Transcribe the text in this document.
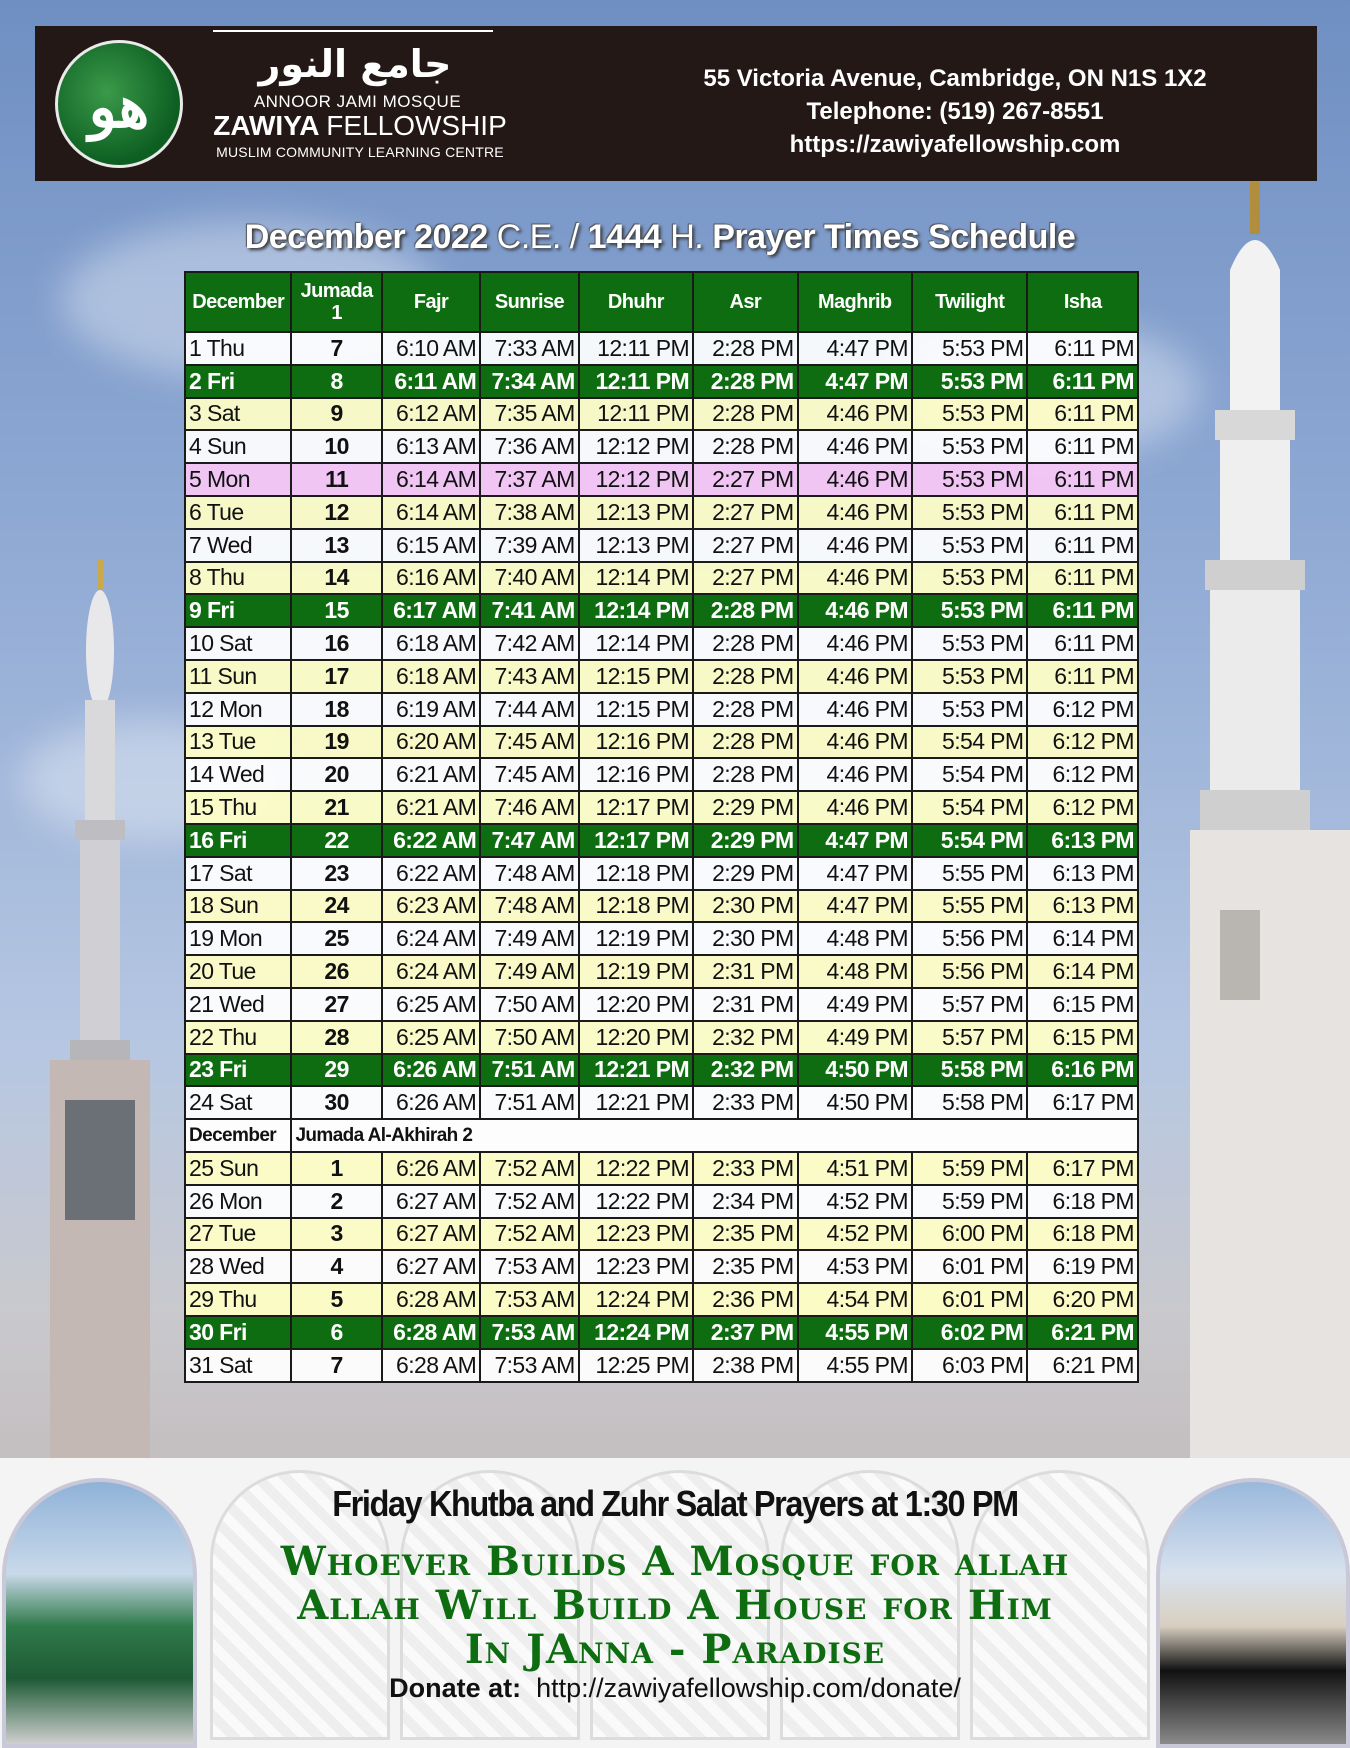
هو
جامع النور
ANNOOR JAMI MOSQUE
ZAWIYA FELLOWSHIP
MUSLIM COMMUNITY LEARNING CENTRE
55 Victoria Avenue, Cambridge, ON N1S 1X2
Telephone: (519) 267-8551
https://zawiyafellowship.com
December 2022 C.E. / 1444 H. Prayer Times Schedule
December	Jumada 1	Fajr	Sunrise	Dhuhr	Asr	Maghrib	Twilight	Isha
1 Thu	7	6:10 AM	7:33 AM	12:11 PM	2:28 PM	4:47 PM	5:53 PM	6:11 PM
2 Fri	8	6:11 AM	7:34 AM	12:11 PM	2:28 PM	4:47 PM	5:53 PM	6:11 PM
3 Sat	9	6:12 AM	7:35 AM	12:11 PM	2:28 PM	4:46 PM	5:53 PM	6:11 PM
4 Sun	10	6:13 AM	7:36 AM	12:12 PM	2:28 PM	4:46 PM	5:53 PM	6:11 PM
5 Mon	11	6:14 AM	7:37 AM	12:12 PM	2:27 PM	4:46 PM	5:53 PM	6:11 PM
6 Tue	12	6:14 AM	7:38 AM	12:13 PM	2:27 PM	4:46 PM	5:53 PM	6:11 PM
7 Wed	13	6:15 AM	7:39 AM	12:13 PM	2:27 PM	4:46 PM	5:53 PM	6:11 PM
8 Thu	14	6:16 AM	7:40 AM	12:14 PM	2:27 PM	4:46 PM	5:53 PM	6:11 PM
9 Fri	15	6:17 AM	7:41 AM	12:14 PM	2:28 PM	4:46 PM	5:53 PM	6:11 PM
10 Sat	16	6:18 AM	7:42 AM	12:14 PM	2:28 PM	4:46 PM	5:53 PM	6:11 PM
11 Sun	17	6:18 AM	7:43 AM	12:15 PM	2:28 PM	4:46 PM	5:53 PM	6:11 PM
12 Mon	18	6:19 AM	7:44 AM	12:15 PM	2:28 PM	4:46 PM	5:53 PM	6:12 PM
13 Tue	19	6:20 AM	7:45 AM	12:16 PM	2:28 PM	4:46 PM	5:54 PM	6:12 PM
14 Wed	20	6:21 AM	7:45 AM	12:16 PM	2:28 PM	4:46 PM	5:54 PM	6:12 PM
15 Thu	21	6:21 AM	7:46 AM	12:17 PM	2:29 PM	4:46 PM	5:54 PM	6:12 PM
16 Fri	22	6:22 AM	7:47 AM	12:17 PM	2:29 PM	4:47 PM	5:54 PM	6:13 PM
17 Sat	23	6:22 AM	7:48 AM	12:18 PM	2:29 PM	4:47 PM	5:55 PM	6:13 PM
18 Sun	24	6:23 AM	7:48 AM	12:18 PM	2:30 PM	4:47 PM	5:55 PM	6:13 PM
19 Mon	25	6:24 AM	7:49 AM	12:19 PM	2:30 PM	4:48 PM	5:56 PM	6:14 PM
20 Tue	26	6:24 AM	7:49 AM	12:19 PM	2:31 PM	4:48 PM	5:56 PM	6:14 PM
21 Wed	27	6:25 AM	7:50 AM	12:20 PM	2:31 PM	4:49 PM	5:57 PM	6:15 PM
22 Thu	28	6:25 AM	7:50 AM	12:20 PM	2:32 PM	4:49 PM	5:57 PM	6:15 PM
23 Fri	29	6:26 AM	7:51 AM	12:21 PM	2:32 PM	4:50 PM	5:58 PM	6:16 PM
24 Sat	30	6:26 AM	7:51 AM	12:21 PM	2:33 PM	4:50 PM	5:58 PM	6:17 PM
December	Jumada Al-Akhirah 2							
25 Sun	1	6:26 AM	7:52 AM	12:22 PM	2:33 PM	4:51 PM	5:59 PM	6:17 PM
26 Mon	2	6:27 AM	7:52 AM	12:22 PM	2:34 PM	4:52 PM	5:59 PM	6:18 PM
27 Tue	3	6:27 AM	7:52 AM	12:23 PM	2:35 PM	4:52 PM	6:00 PM	6:18 PM
28 Wed	4	6:27 AM	7:53 AM	12:23 PM	2:35 PM	4:53 PM	6:01 PM	6:19 PM
29 Thu	5	6:28 AM	7:53 AM	12:24 PM	2:36 PM	4:54 PM	6:01 PM	6:20 PM
30 Fri	6	6:28 AM	7:53 AM	12:24 PM	2:37 PM	4:55 PM	6:02 PM	6:21 PM
31 Sat	7	6:28 AM	7:53 AM	12:25 PM	2:38 PM	4:55 PM	6:03 PM	6:21 PM
Friday Khutba and Zuhr Salat Prayers at 1:30 PM
Whoever Builds A Mosque for allah
Allah Will Build A House for Him
In JAnna - Paradise
Donate at:  http://zawiyafellowship.com/donate/
